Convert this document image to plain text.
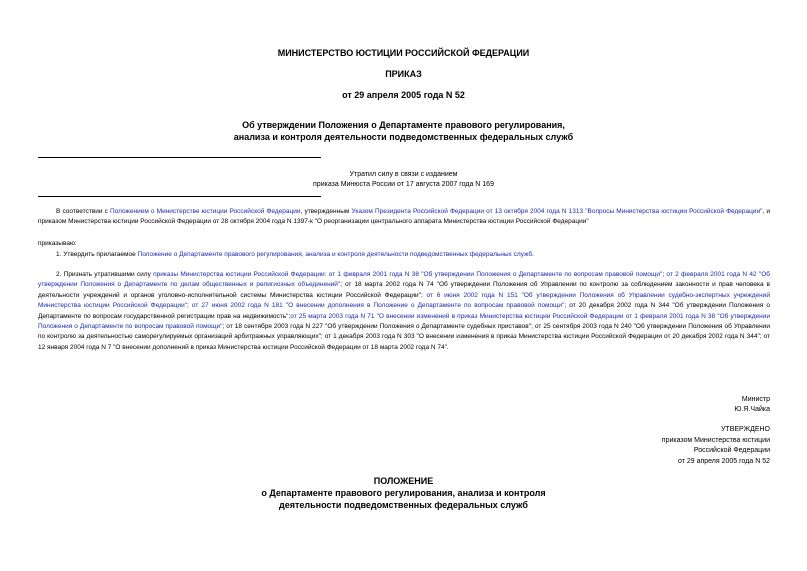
МИНИСТЕРСТВО ЮСТИЦИИ РОССИЙСКОЙ ФЕДЕРАЦИИ
ПРИКАЗ
от 29 апреля 2005 года N 52
Об утверждении Положения о Департаменте правового регулирования,
анализа и контроля деятельности подведомственных федеральных служб
Утратил силу в связи с изданием
приказа Минюста России от 17 августа 2007 года N 169
В соответствии с Положением о Министерстве юстиции Российской Федерации, утвержденным Указом Президента Российской Федерации от 13 октября 2004 года N 1313 "Вопросы Министерства юстиции Российской Федерации", и приказом Министерства юстиции Российской Федерации от 28 октября 2004 года N 1397-к "О реорганизации центрального аппарата Министерства юстиции Российской Федерации"
приказываю:
1. Утвердить прилагаемое Положение о Департаменте правового регулирования, анализа и контроля деятельности подведомственных федеральных служб.
2. Признать утратившими силу приказы Министерства юстиции Российской Федерации: от 1 февраля 2001 года N 38 "Об утверждении Положения о Департаменте по вопросам правовой помощи"; от 2 февраля 2001 года N 42 "Об утверждении Положения о Департаменте по делам общественных и религиозных объединений"; от 18 марта 2002 года N 74 "Об утверждении Положения об Управлении по контролю за соблюдением законности и прав человека в деятельности учреждений и органов уголовно-исполнительной системы Министерства юстиции Российской Федерации"; от 6 июня 2002 года N 151 "Об утверждении Положения об Управлении судебно-экспертных учреждений Министерства юстиции Российской Федерации"; от 27 июня 2002 года N 181 "О внесении дополнения в Положение о Департаменте по вопросам правовой помощи"; от 20 декабря 2002 года N 344 "Об утверждении Положения о Департаменте по вопросам государственной регистрации прав на недвижимость";от 25 марта 2003 года N 71 "О внесении изменений в приказ Министерства юстиции Российской Федерации от 1 февраля 2001 года N 38 "Об утверждении Положения о Департаменте по вопросам правовой помощи"; от 18 сентября 2003 года N 227 "Об утверждении Положения о Департаменте судебных приставов"; от 25 сентября 2003 года N 240 "Об утверждении Положения об Управлении по контролю за деятельностью саморегулируемых организаций арбитражных управляющих"; от 1 декабря 2003 года N 303 "О внесении изменения в приказ Министерства юстиции Российской Федерации от 20 декабря 2002 года N 344"; от 12 января 2004 года N 7 "О внесении дополнений в приказ Министерства юстиции Российской Федерации от 18 марта 2002 года N 74".
Министр
Ю.Я.Чайка
УТВЕРЖДЕНО
приказом Министерства юстиции
Российской Федерации
от 29 апреля 2005 года N 52
ПОЛОЖЕНИЕ
о Департаменте правового регулирования, анализа и контроля
деятельности подведомственных федеральных служб
